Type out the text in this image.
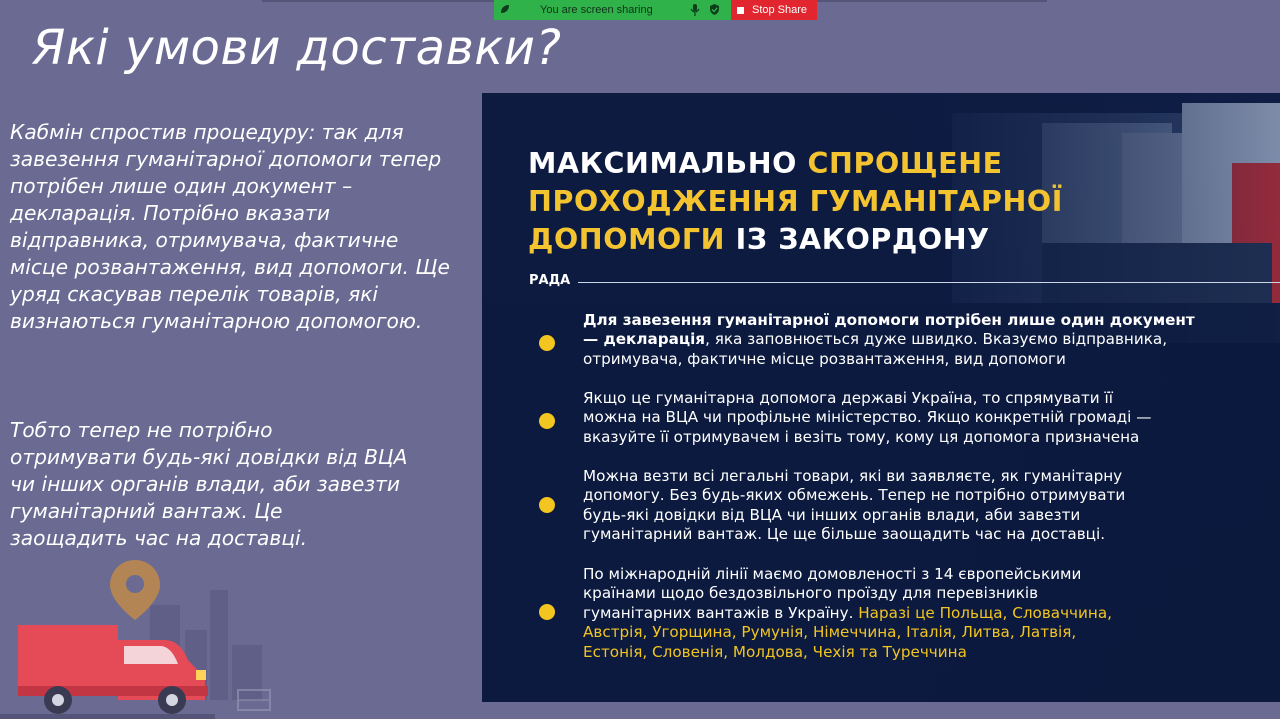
You are screen sharing	Stop Share
Які умови доставки?

Кабмін спростив процедуру: так для
завезення гуманітарної допомоги тепер
потрібен лише один документ –
декларація. Потрібно вказати
відправника, отримувача, фактичне
місце розвантаження, вид допомоги. Ще
уряд скасував перелік товарів, які
визнаються гуманітарною допомогою.

Тобто тепер не потрібно
отримувати будь-які довідки від ВЦА
чи інших органів влади, аби завезти
гуманітарний вантаж. Це
заощадить час на доставці.

МАКСИМАЛЬНО СПРОЩЕНЕ
ПРОХОДЖЕННЯ ГУМАНІТАРНОЇ
ДОПОМОГИ ІЗ ЗАКОРДОНУ
РАДА

Для завезення гуманітарної допомоги потрібен лише один документ
— декларація, яка заповнюється дуже швидко. Вказуємо відправника,
отримувача, фактичне місце розвантаження, вид допомоги

Якщо це гуманітарна допомога державі Україна, то спрямувати її
можна на ВЦА чи профільне міністерство. Якщо конкретній громаді —
вказуйте її отримувачем і везіть тому, кому ця допомога призначена

Можна везти всі легальні товари, які ви заявляєте, як гуманітарну
допомогу. Без будь-яких обмежень. Тепер не потрібно отримувати
будь-які довідки від ВЦА чи інших органів влади, аби завезти
гуманітарний вантаж. Це ще більше заощадить час на доставці.

По міжнародній лінії маємо домовленості з 14 європейськими
країнами щодо бездозвільного проїзду для перевізників
гуманітарних вантажів в Україну. Наразі це Польща, Словаччина,
Австрія, Угорщина, Румунія, Німеччина, Італія, Литва, Латвія,
Естонія, Словенія, Молдова, Чехія та Туреччина
